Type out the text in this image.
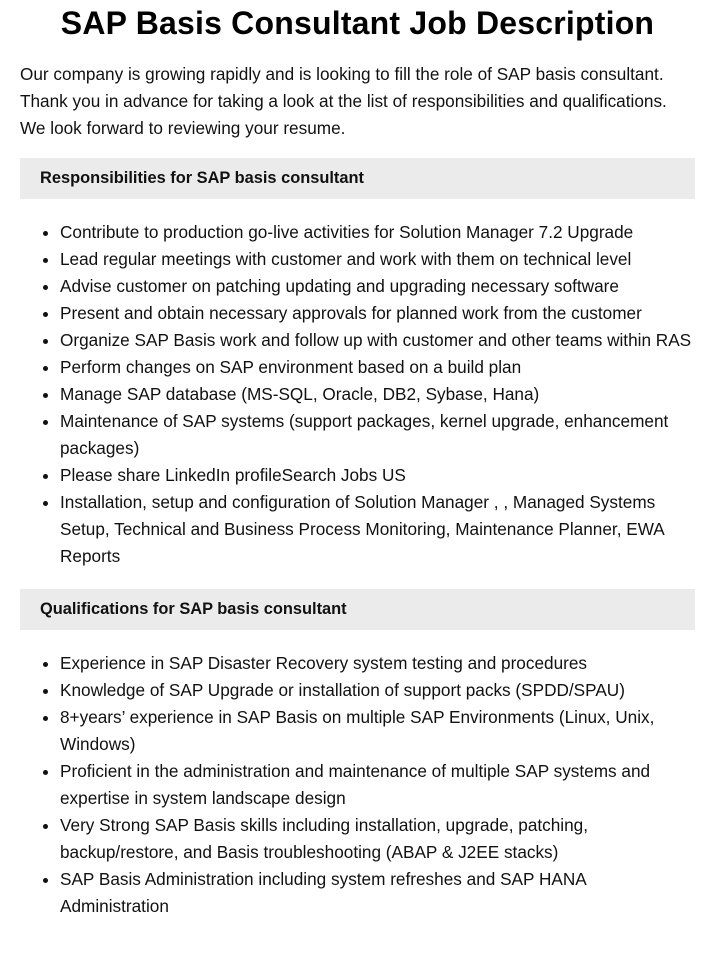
SAP Basis Consultant Job Description

Our company is growing rapidly and is looking to fill the role of SAP basis consultant. Thank you in advance for taking a look at the list of responsibilities and qualifications. We look forward to reviewing your resume.

Responsibilities for SAP basis consultant
Contribute to production go-live activities for Solution Manager 7.2 Upgrade
Lead regular meetings with customer and work with them on technical level
Advise customer on patching updating and upgrading necessary software
Present and obtain necessary approvals for planned work from the customer
Organize SAP Basis work and follow up with customer and other teams within RAS
Perform changes on SAP environment based on a build plan
Manage SAP database (MS-SQL, Oracle, DB2, Sybase, Hana)
Maintenance of SAP systems (support packages, kernel upgrade, enhancement packages)
Please share LinkedIn profileSearch Jobs US
Installation, setup and configuration of Solution Manager , , Managed Systems Setup, Technical and Business Process Monitoring, Maintenance Planner, EWA Reports
Qualifications for SAP basis consultant
Experience in SAP Disaster Recovery system testing and procedures
Knowledge of SAP Upgrade or installation of support packs (SPDD/SPAU)
8+years’ experience in SAP Basis on multiple SAP Environments (Linux, Unix, Windows)
Proficient in the administration and maintenance of multiple SAP systems and expertise in system landscape design
Very Strong SAP Basis skills including installation, upgrade, patching, backup/restore, and Basis troubleshooting (ABAP & J2EE stacks)
SAP Basis Administration including system refreshes and SAP HANA Administration
